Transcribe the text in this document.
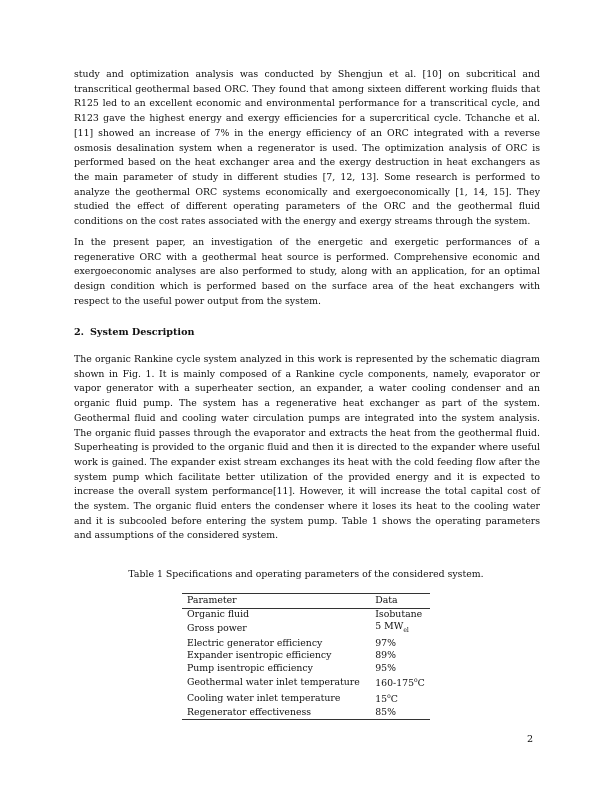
study and optimization analysis was conducted by Shengjun et al. [10] on subcritical and transcritical geothermal based ORC. They found that among sixteen different working fluids that R125 led to an excellent economic and environmental performance for a transcritical cycle, and R123 gave the highest energy and exergy efficiencies for a supercritical cycle. Tchanche et al. [11] showed an increase of 7% in the energy efficiency of an ORC integrated with a reverse osmosis desalination system when a regenerator is used. The optimization analysis of ORC is performed based on the heat exchanger area and the exergy destruction in heat exchangers as the main parameter of study in different studies [7, 12, 13]. Some research is performed to analyze the geothermal ORC systems economically and exergoeconomically [1, 14, 15]. They studied the effect of different operating parameters of the ORC and the geothermal fluid conditions on the cost rates associated with the energy and exergy streams through the system.

In the present paper, an investigation of the energetic and exergetic performances of a regenerative ORC with a geothermal heat source is performed. Comprehensive economic and exergoeconomic analyses are also performed to study, along with an application, for an optimal design condition which is performed based on the surface area of the heat exchangers with respect to the useful power output from the system.

2. System Description

The organic Rankine cycle system analyzed in this work is represented by the schematic diagram shown in Fig. 1. It is mainly composed of a Rankine cycle components, namely, evaporator or vapor generator with a superheater section, an expander, a water cooling condenser and an organic fluid pump. The system has a regenerative heat exchanger as part of the system. Geothermal fluid and cooling water circulation pumps are integrated into the system analysis. The organic fluid passes through the evaporator and extracts the heat from the geothermal fluid. Superheating is provided to the organic fluid and then it is directed to the expander where useful work is gained. The expander exist stream exchanges its heat with the cold feeding flow after the system pump which facilitate better utilization of the provided energy and it is expected to increase the overall system performance[11]. However, it will increase the total capital cost of the system. The organic fluid enters the condenser where it loses its heat to the cooling water and it is subcooled before entering the system pump. Table 1 shows the operating parameters and assumptions of the considered system.

Table 1 Specifications and operating parameters of the considered system.

Parameter	Data
Organic fluid	Isobutane
Gross power	5 $MW_{el}$
Electric generator efficiency	97%
Expander isentropic efficiency	89%
Pump isentropic efficiency	95%
Geothermal water inlet temperature	160-175$^o$C
Cooling water inlet temperature	15$^o$C
Regenerator effectiveness	85%

2
